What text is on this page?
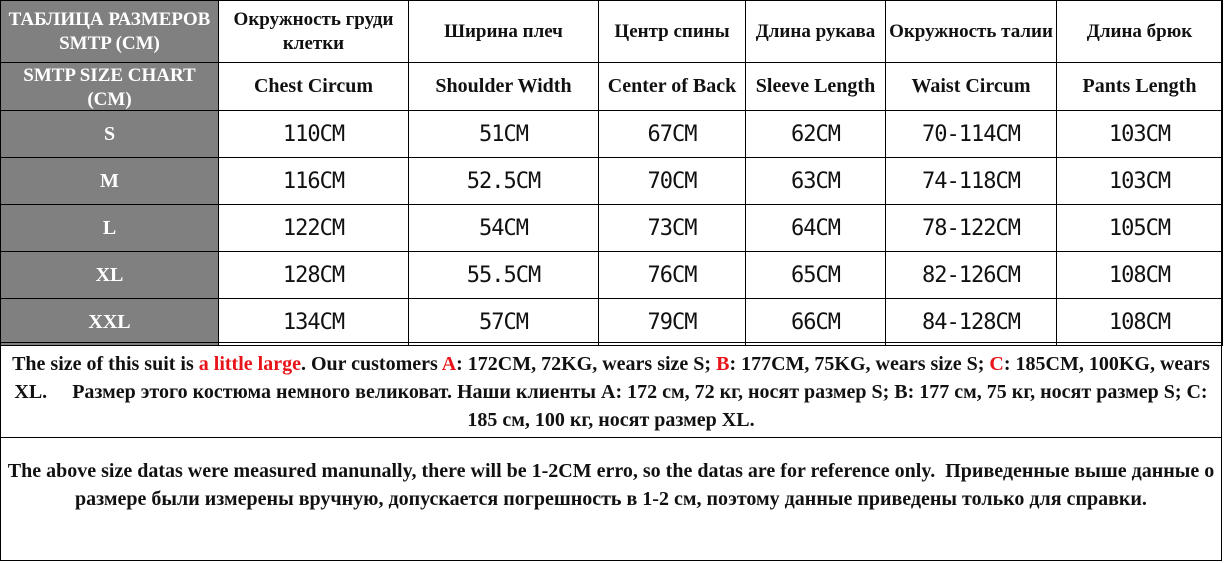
ТАБЛИЦА РАЗМЕРОВ SMTP (CM)	Окружность груди клетки	Ширина плеч	Центр спины	Длина рукава	Окружность талии	Длина брюк

SMTP SIZE CHART (CM)	Chest Circum	Shoulder Width	Center of Back	Sleeve Length	Waist Circum	Pants Length
S	110CM	51CM	67CM	62CM	70-114CM	103CM
M	116CM	52.5CM	70CM	63CM	74-118CM	103CM
L	122CM	54CM	73CM	64CM	78-122CM	105CM
XL	128CM	55.5CM	76CM	65CM	82-126CM	108CM
XXL	134CM	57CM	79CM	66CM	84-128CM	108CM
The size of this suit is a little large. Our customers A: 172CM, 72KG, wears size S; B: 177CM, 75KG, wears size S; C: 185CM, 100KG, wears XL. Размер этого костюма немного великоват. Наши клиенты A: 172 см, 72 кг, носят размер S; B: 177 см, 75 кг, носят размер S; C: 185 см, 100 кг, носят размер XL.
The above size datas were measured manunally, there will be 1-2CM erro, so the datas are for reference only. Приведенные выше данные о размере были измерены вручную, допускается погрешность в 1-2 см, поэтому данные приведены только для справки.
